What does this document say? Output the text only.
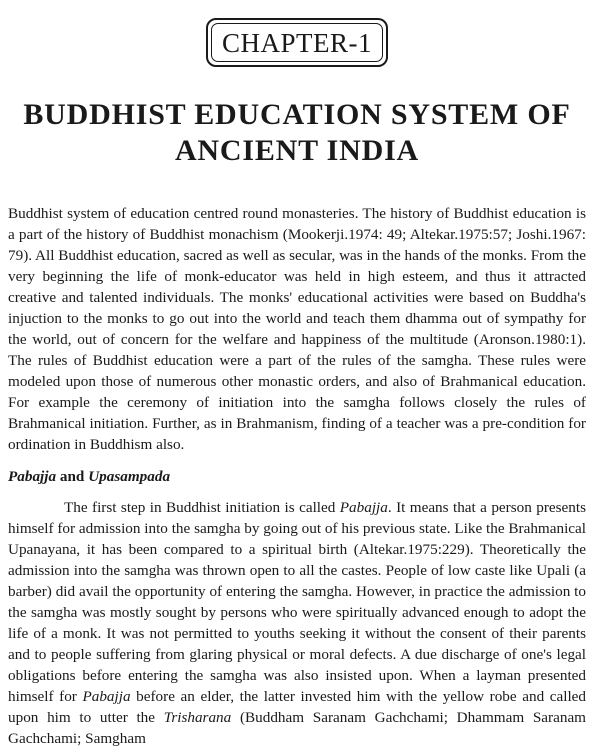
CHAPTER-1
BUDDHIST EDUCATION SYSTEM OF
ANCIENT INDIA

Buddhist system of education centred round monasteries. The history of Buddhist education is a part of the history of Buddhist monachism (Mookerji.1974: 49; Altekar.1975:57; Joshi.1967: 79). All Buddhist education, sacred as well as secular, was in the hands of the monks. From the very beginning the life of monk-educator was held in high esteem, and thus it attracted creative and talented individuals. The monks' educational activities were based on Buddha's injuction to the monks to go out into the world and teach them dhamma out of sympathy for the world, out of concern for the welfare and happiness of the multitude (Aronson.1980:1). The rules of Buddhist education were a part of the rules of the samgha. These rules were modeled upon those of numerous other monastic orders, and also of Brahmanical education. For example the ceremony of initiation into the samgha follows closely the rules of Brahmanical initiation. Further, as in Brahmanism, finding of a teacher was a pre-condition for ordination in Buddhism also.

Pabajja and Upasampada

The first step in Buddhist initiation is called Pabajja. It means that a person presents himself for admission into the samgha by going out of his previous state. Like the Brahmanical Upanayana, it has been compared to a spiritual birth (Altekar.1975:229). Theoretically the admission into the samgha was thrown open to all the castes. People of low caste like Upali (a barber) did avail the opportunity of entering the samgha. However, in practice the admission to the samgha was mostly sought by persons who were spiritually advanced enough to adopt the life of a monk. It was not permitted to youths seeking it without the consent of their parents and to people suffering from glaring physical or moral defects. A due discharge of one's legal obligations before entering the samgha was also insisted upon. When a layman presented himself for Pabajja before an elder, the latter invested him with the yellow robe and called upon him to utter the Trisharana (Buddham Saranam Gachchami; Dhammam Saranam Gachchami; Samgham
